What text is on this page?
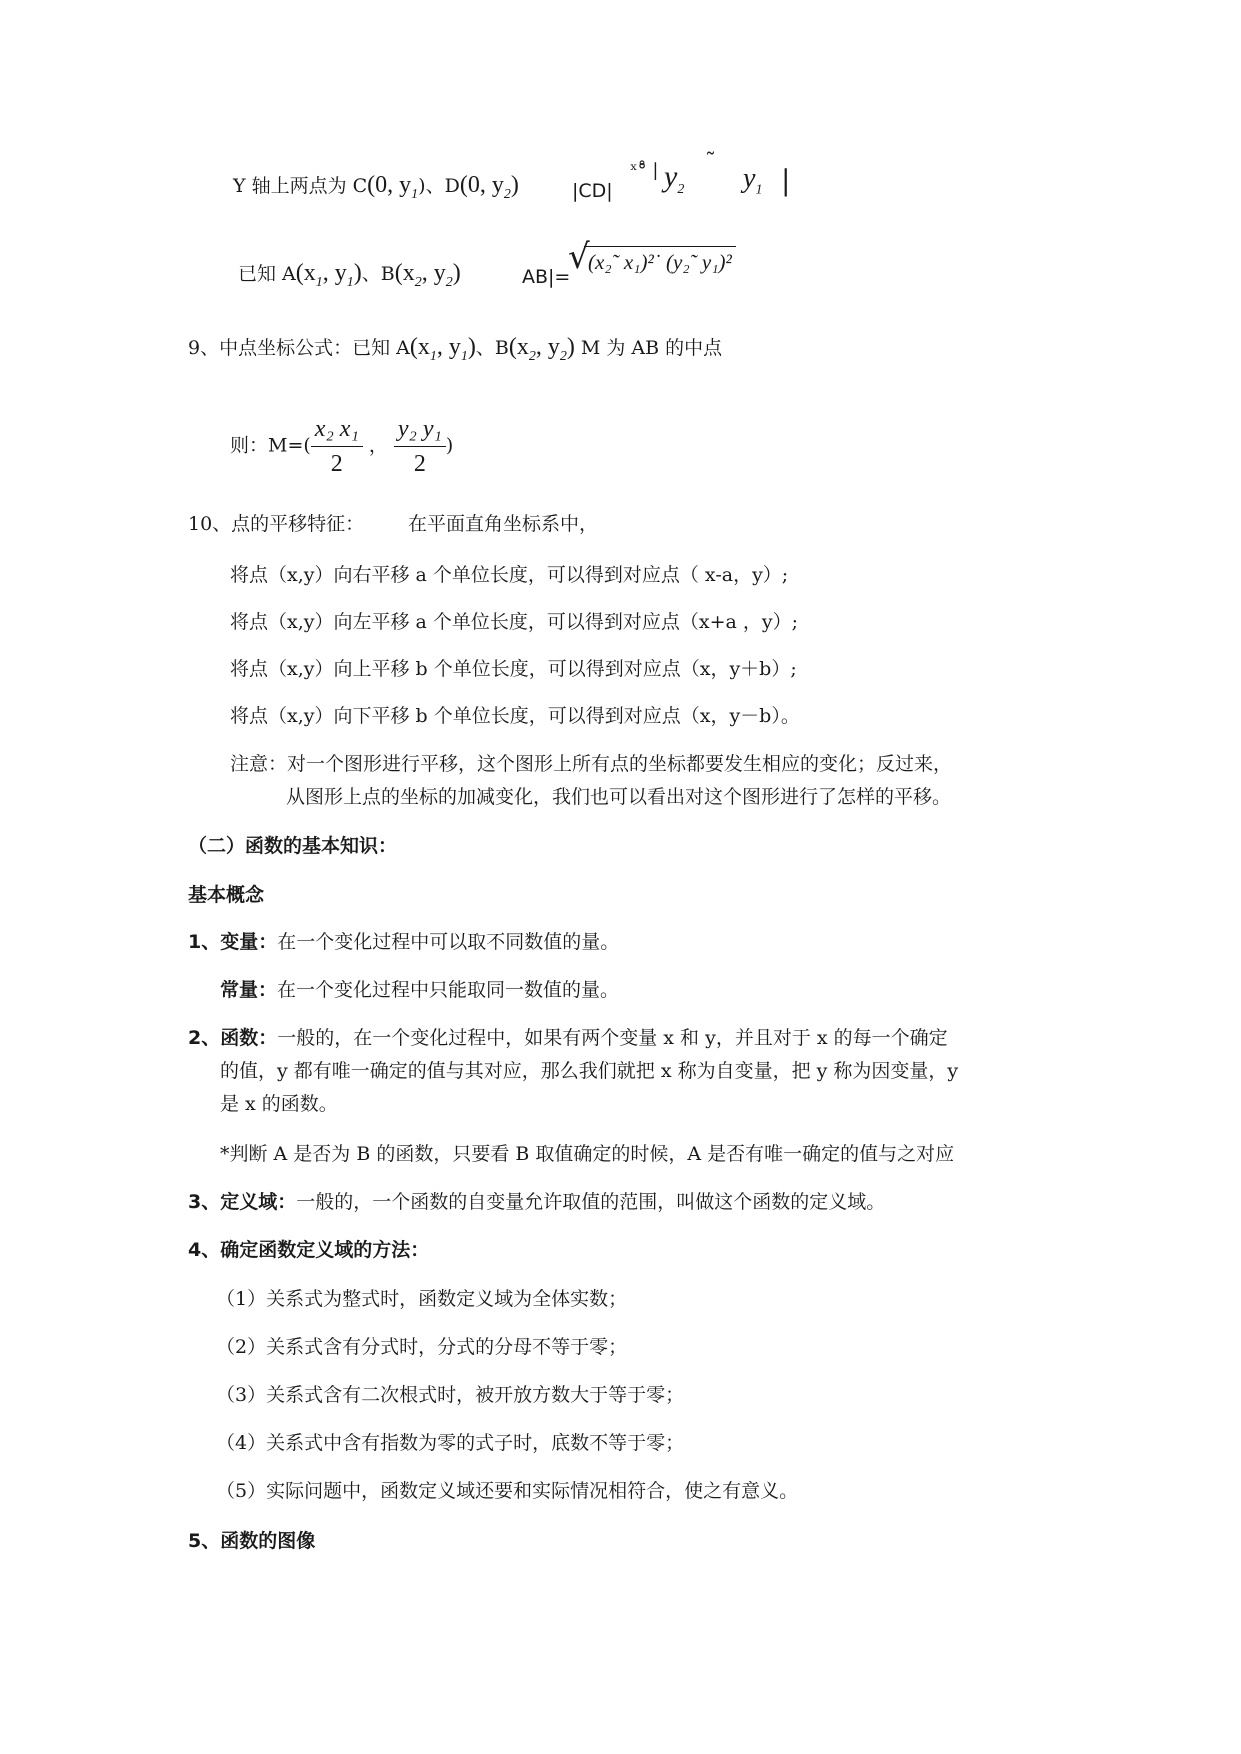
Y 轴上两点为 C(0, $y_1$)、D(0, $y_2$)	|CD|
ˣ°̊ | $y_2$
˜
$y_1$ |
已知 $A(x_1$, $y_1$)、$B(x_2$, $y_2$)	AB|=
√
(x₂˜ x₁)²˙ (y₂˜ y₁)²
9、中点坐标公式：已知 $A(x_1$, $y_1$)、$B(x_2$, $y_2$) M 为 AB 的中点
则：$M=( \frac{\text{x₂ x₁}}{2}$ ， $\frac{\text{y₂ y₁}}{2}$ )
10、点的平移特征： 在平面直角坐标系中，
将点（x,y）向右平移 a 个单位长度，可以得到对应点（ x-a，y）;
将点（x,y）向左平移 a 个单位长度，可以得到对应点（x+a ，y）;
将点（x,y）向上平移 b 个单位长度，可以得到对应点（x，y＋b）;
将点（x,y）向下平移 b 个单位长度，可以得到对应点（x，y－b）。
注意：对一个图形进行平移，这个图形上所有点的坐标都要发生相应的变化；反过来，
从图形上点的坐标的加减变化，我们也可以看出对这个图形进行了怎样的平移。
（二）函数的基本知识：
基本概念
1、变量：在一个变化过程中可以取不同数值的量。
常量：在一个变化过程中只能取同一数值的量。
2、函数：一般的，在一个变化过程中，如果有两个变量 x 和 y，并且对于 x 的每一个确定
的值，y 都有唯一确定的值与其对应，那么我们就把 x 称为自变量，把 y 称为因变量，y
是 x 的函数。
*判断 A 是否为 B 的函数，只要看 B 取值确定的时候，A 是否有唯一确定的值与之对应
3、定义域：一般的，一个函数的自变量允许取值的范围，叫做这个函数的定义域。
4、确定函数定义域的方法：
（1）关系式为整式时，函数定义域为全体实数；
（2）关系式含有分式时，分式的分母不等于零；
（3）关系式含有二次根式时，被开放方数大于等于零；
（4）关系式中含有指数为零的式子时，底数不等于零；
（5）实际问题中，函数定义域还要和实际情况相符合，使之有意义。
5、函数的图像
